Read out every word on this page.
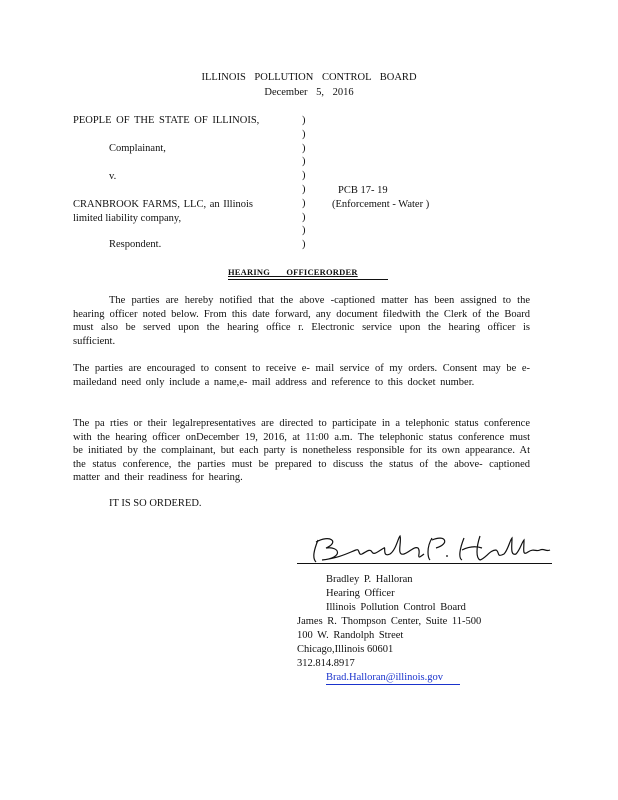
ILLINOIS POLLUTION CONTROL BOARD
December 5, 2016
PEOPLE OF THE STATE OF ILLINOIS,
Complainant,
v.
CRANBROOK FARMS, LLC, an Illinois
limited liability company,
Respondent.
)
)
)
)
)
)
)
)
)
)
PCB 17- 19
(Enforcement - Water )
HEARING OFFICERORDER
The parties are hereby notified that the above -captioned matter has been assigned to the hearing officer noted below. From this date forward, any document filedwith the Clerk of the Board must also be served upon the hearing office r. Electronic service upon the hearing officer is sufficient.
The parties are encouraged to consent to receive e- mail service of my orders. Consent may be e-mailedand need only include a name,e- mail address and reference to this docket number.
The pa rties or their legalrepresentatives are directed to participate in a telephonic status conference with the hearing officer onDecember 19, 2016, at 11:00 a.m. The telephonic status conference must be initiated by the complainant, but each party is nonetheless responsible for its own appearance. At the status conference, the parties must be prepared to discuss the status of the above- captioned matter and their readiness for hearing.
IT IS SO ORDERED.
Bradley P. Halloran
Hearing Officer
Illinois Pollution Control Board
James R. Thompson Center, Suite 11-500
100 W. Randolph Street
Chicago,Illinois 60601
312.814.8917
Brad.Halloran@illinois.gov
